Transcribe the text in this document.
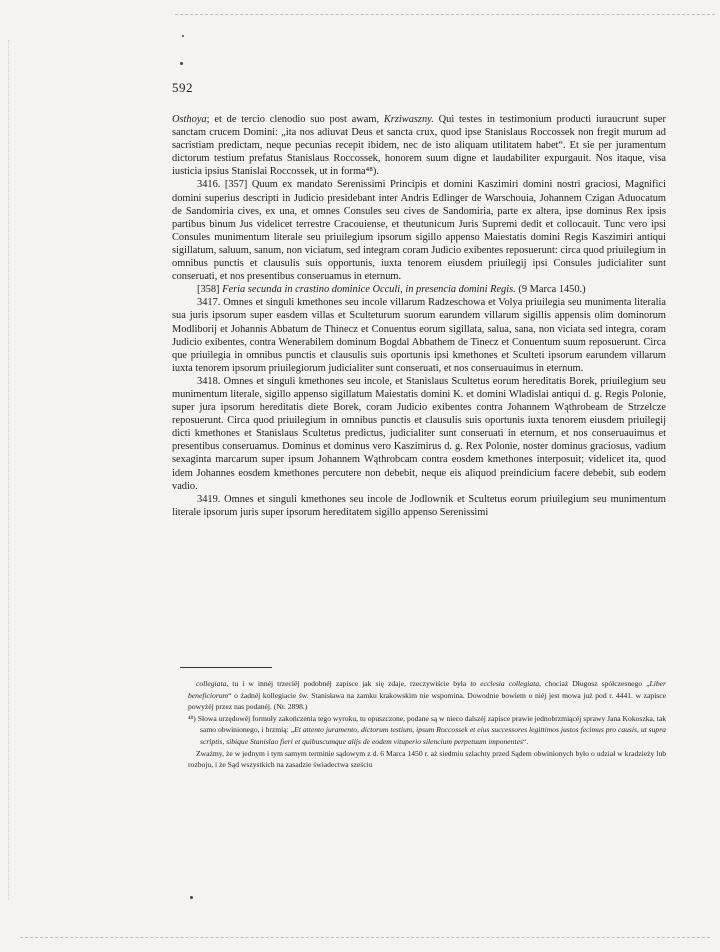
592

Osthoya; et de tercio clenodio suo post awam, Krziwaszny. Qui testes in testimonium producti iuraucrunt super sanctam crucem Domini: „ita nos adiuvat Deus et sancta crux, quod ipse Stanislaus Roccossek non fregit murum ad sacristiam predictam, neque pecunias recepit ibidem, nec de isto aliquam utilitatem habet“. Et sie per juramentum dictorum testium prefatus Stanislaus Roccossek, honorem suum digne et laudabiliter expurgauit. Nos itaque, visa iusticia ipsius Stanislai Roccossek, ut in forma⁴⁸).

3416. [357] Quum ex mandato Serenissimi Principis et domini Kaszimiri domini nostri graciosi, Magnifici domini superius descripti in Judicio presidebant inter Andris Edlinger de Warschouia, Johannem Czigan Aduocatum de Sandomiria cives, ex una, et omnes Consules seu cives de Sandomiria, parte ex altera, ipse dominus Rex ipsis partibus binum Jus videlicet terrestre Cracouiense, et theutunicum Juris Supremi dedit et collocauit. Tunc vero ipsi Consules munimentum literale seu priuilegium ipsorum sigillo appenso Maiestatis domini Regis Kaszimiri antiqui sigillatum, saluum, sanum, non viciatum, sed integram coram Judicio exibentes reposuerunt: circa quod priuilegium in omnibus punctis et clausulis suis opportunis, iuxta tenorem eiusdem priuilegij ipsi Consules judicialiter sunt conseruati, et nos presentibus conseruamus in eternum.

[358] Feria secunda in crastino dominice Occuli, in presencia domini Regis. (9 Marca 1450.)

3417. Omnes et singuli kmethones seu incole villarum Radzeschowa et Volya priuilegia seu munimenta literalia sua juris ipsorum super easdem villas et Sculteturum suorum earundem villarum sigillis appensis olim dominorum Modliborij et Johannis Abbatum de Thinecz et Conuentus eorum sigillata, salua, sana, non viciata sed integra, coram Judicio exibentes, contra Wenerabilem dominum Bogdal Abbathem de Tinecz et Conuentum suum reposuerunt. Circa que priuilegia in omnibus punctis et clausulis suis oportunis ipsi kmethones et Sculteti ipsorum earundem villarum iuxta tenorem ipsorum priuilegiorum judicialiter sunt conseruati, et nos conseruauimus in eternum.

3418. Omnes et singuli kmethones seu incole, et Stanislaus Scultetus eorum hereditatis Borek, priuilegium seu munimentum literale, sigillo appenso sigillatum Maiestatis domini K. et domini Wladislai antiqui d. g. Regis Polonie, super jura ipsorum hereditatis diete Borek, coram Judicio exibentes contra Johannem Wąthrobeam de Strzelcze reposuerunt. Circa quod priuilegium in omnibus punctis et clausulis suis oportunis iuxta tenorem eiusdem priuilegij dicti kmethones et Stanislaus Scultetus predictus, judicialiter sunt conseruati in eternum, et nos conseruauimus et presentibus conseruamus. Dominus et dominus vero Kaszimirus d. g. Rex Polonie, noster dominus graciosus, vadium sexaginta marcarum super ipsum Johannem Wąthrobcam contra eosdem kmethones interposuit; videlicet ita, quod idem Johannes eosdem kmethones percutere non debebit, neque eis aliquod preindicium facere debebit, sub eodem vadio.

3419. Omnes et singuli kmethones seu incole de Jodlownik et Scultetus eorum priuilegium seu munimentum literale ipsorum juris super ipsorum hereditatem sigillo appenso Serenissimi

collegiata, tu i w innéj trzeciéj podobnéj zapisce jak się zdaje, rzeczywiście była to ecclesia collegiata, chociaż Długosz spółczesnego „Liber beneficiorum“ o żadnéj kollegiacie św. Stanisława na zamku krakowskim nie wspomina. Dowodnie bowiem o niéj jest mowa już pod r. 4441. w zapisce powyżéj przez nas podanéj. (Nr. 2898.)

⁴⁸) Słowa urzędowéj formuły zakończenia tego wyroku, tu opuszczone, podane są w nieco dalszéj zapisce prawie jednobrzmiącéj sprawy Jana Kokoszka, tak samo obwinionego, i brzmią: „Et attento juramento, dictorum testium, ipsum Roccossek et eius successores legittimos justos fecimus pro causis, ut supra scriptis, sibique Stanislao fieri et quibuscumque alijs de eodem vituperio silencium perpetuum imponentes“.

Zważmy, że w jednym i tym samym terminie sądowym z d. 6 Marca 1450 r. aż siedmiu szlachty przed Sądem obwinionych było o udział w kradzieży lub rozboju, i że Sąd wszystkich na zasadzie świadectwa sześciu
